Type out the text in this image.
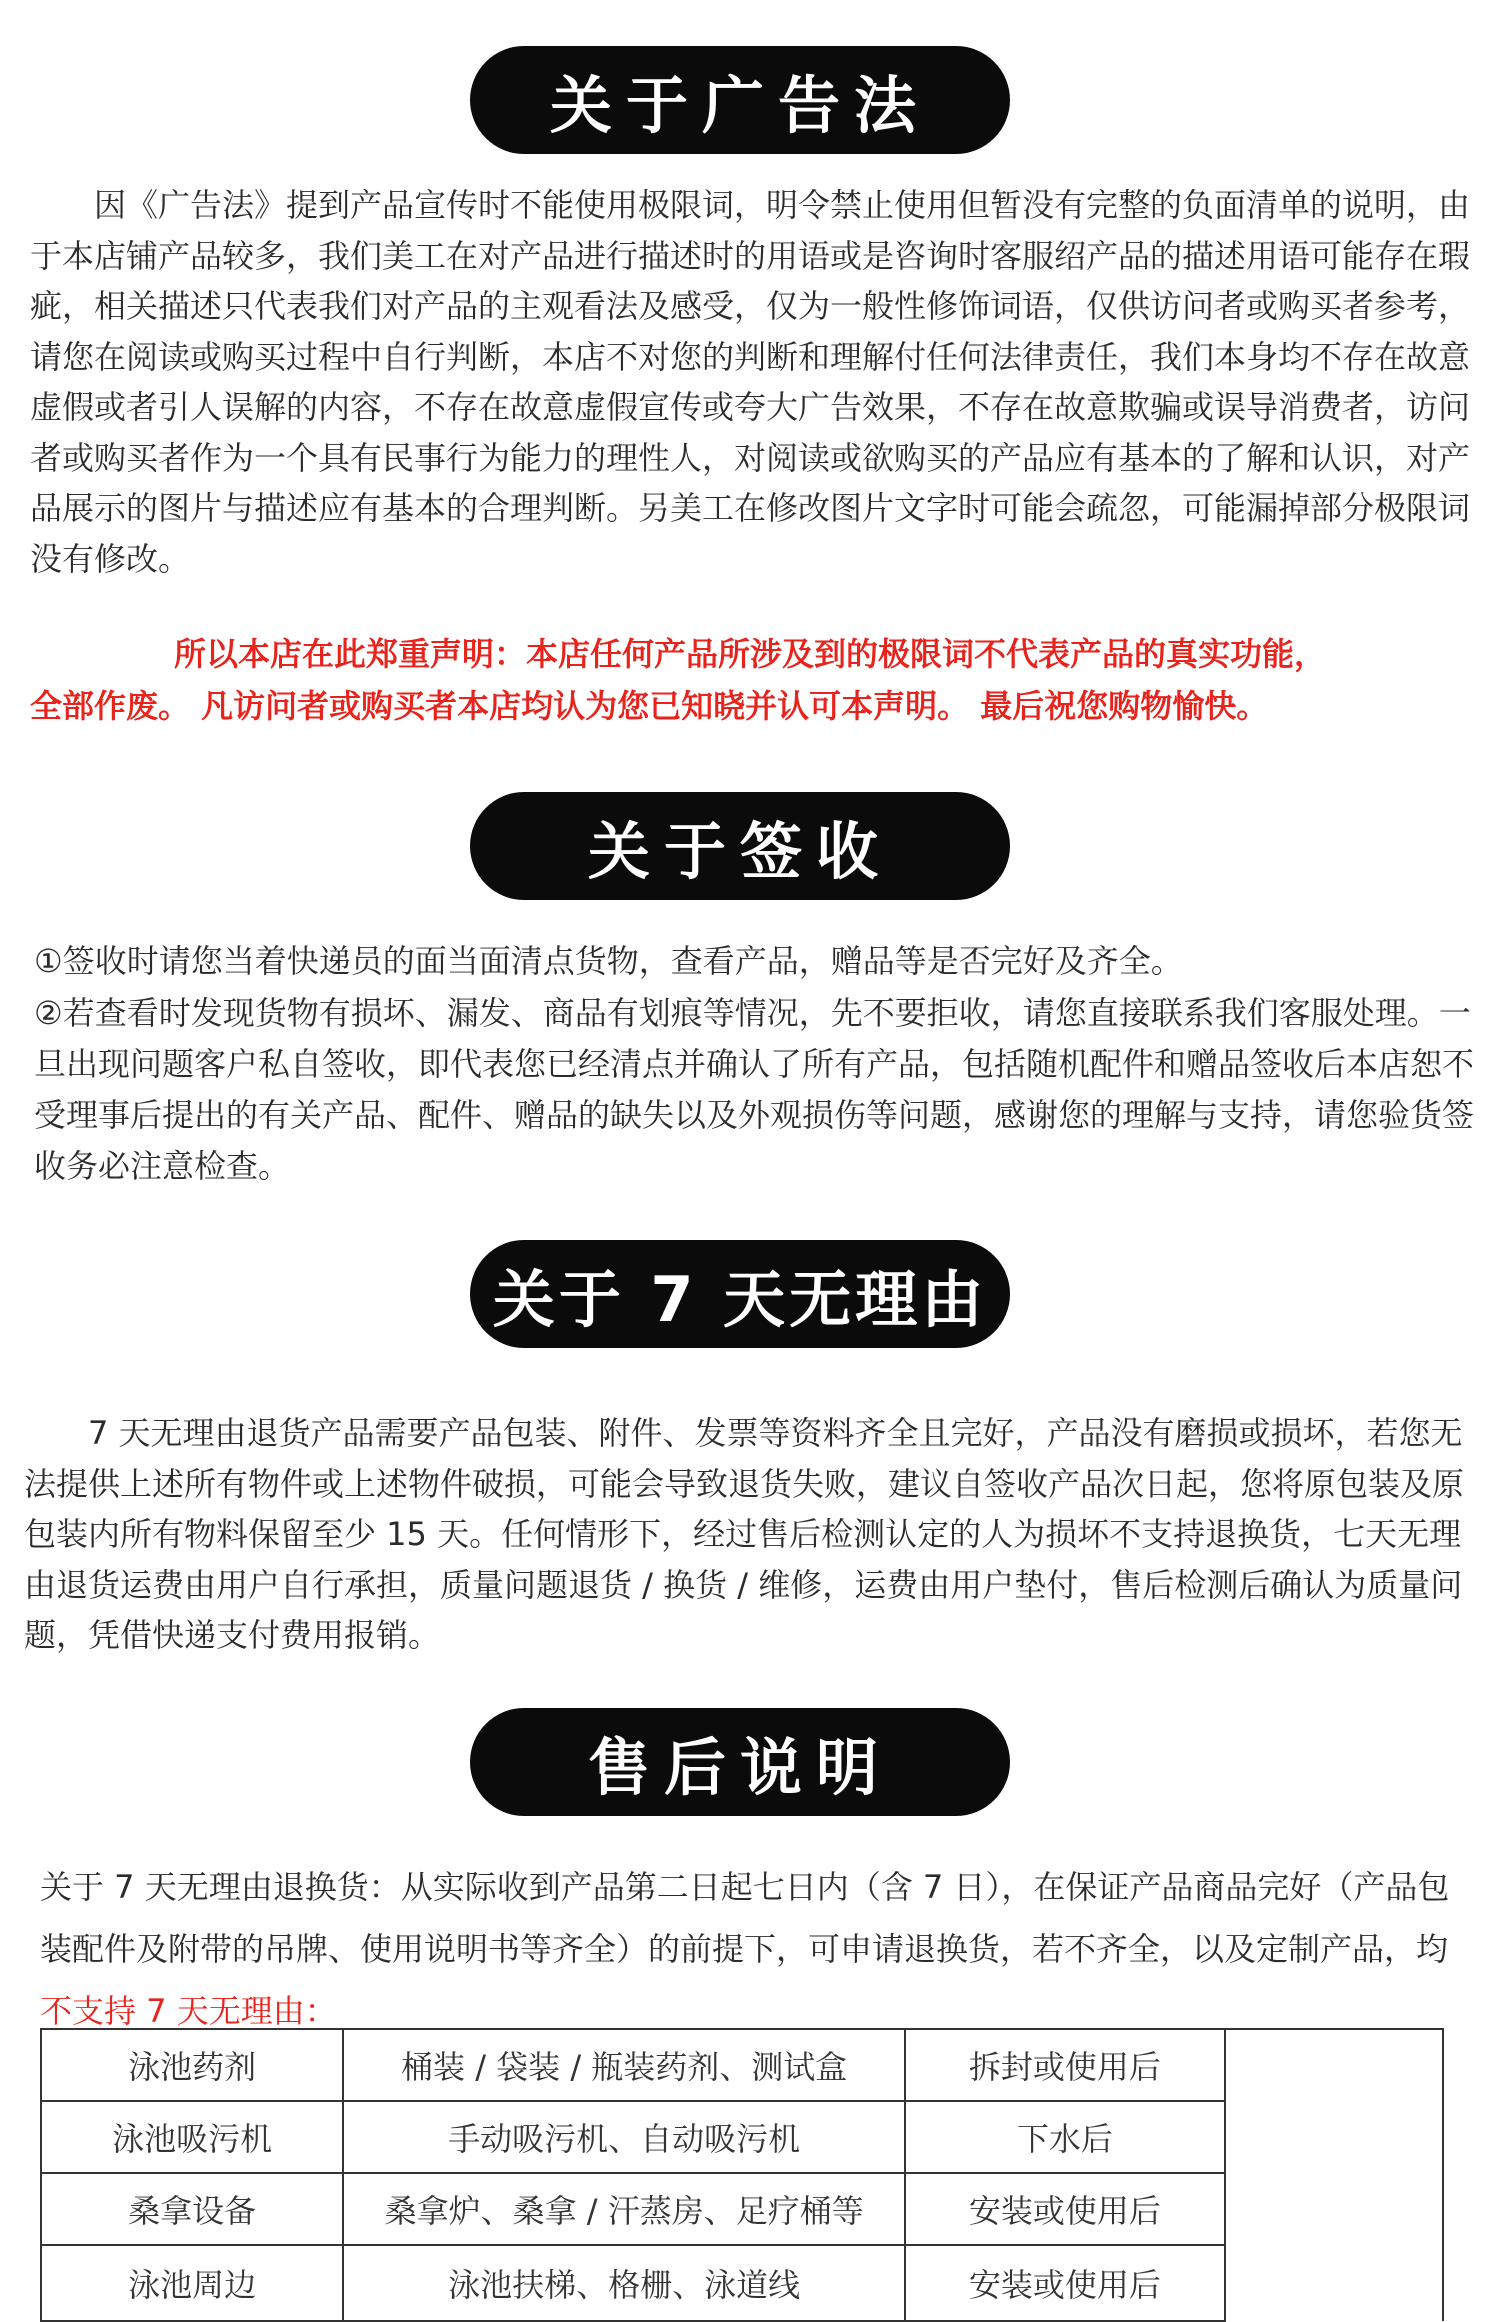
关于广告法

因《广告法》提到产品宣传时不能使用极限词，明令禁止使用但暂没有完整的负面清单的说明，由于本店铺产品较多，我们美工在对产品进行描述时的用语或是咨询时客服绍产品的描述用语可能存在瑕疵，相关描述只代表我们对产品的主观看法及感受，仅为一般性修饰词语，仅供访问者或购买者参考，请您在阅读或购买过程中自行判断，本店不对您的判断和理解付任何法律责任，我们本身均不存在故意虚假或者引人误解的内容，不存在故意虚假宣传或夸大广告效果，不存在故意欺骗或误导消费者，访问者或购买者作为一个具有民事行为能力的理性人，对阅读或欲购买的产品应有基本的了解和认识，对产品展示的图片与描述应有基本的合理判断。另美工在修改图片文字时可能会疏忽，可能漏掉部分极限词没有修改。

所以本店在此郑重声明：本店任何产品所涉及到的极限词不代表产品的真实功能，

全部作废。 凡访问者或购买者本店均认为您已知晓并认可本声明。 最后祝您购物愉快。

关于签收

①签收时请您当着快递员的面当面清点货物，查看产品，赠品等是否完好及齐全。

②若查看时发现货物有损坏、漏发、商品有划痕等情况，先不要拒收，请您直接联系我们客服处理。一旦出现问题客户私自签收，即代表您已经清点并确认了所有产品，包括随机配件和赠品签收后本店恕不受理事后提出的有关产品、配件、赠品的缺失以及外观损伤等问题，感谢您的理解与支持，请您验货签收务必注意检查。

关于 7 天无理由

7 天无理由退货产品需要产品包装、附件、发票等资料齐全且完好，产品没有磨损或损坏，若您无法提供上述所有物件或上述物件破损，可能会导致退货失败，建议自签收产品次日起，您将原包装及原包装内所有物料保留至少 15 天。任何情形下，经过售后检测认定的人为损坏不支持退换货，七天无理由退货运费由用户自行承担，质量问题退货 / 换货 / 维修，运费由用户垫付，售后检测后确认为质量问题，凭借快递支付费用报销。

售后说明

关于 7 天无理由退换货：从实际收到产品第二日起七日内（含 7 日），在保证产品商品完好（产品包装配件及附带的吊牌、使用说明书等齐全）的前提下，可申请退换货，若不齐全，以及定制产品，均不支持 7 天无理由：

泳池药剂	桶装 / 袋装 / 瓶装药剂、测试盒	拆封或使用后	
泳池吸污机	手动吸污机、自动吸污机	下水后	
桑拿设备	桑拿炉、桑拿 / 汗蒸房、足疗桶等	安装或使用后	
泳池周边	泳池扶梯、格栅、泳道线	安装或使用后	
